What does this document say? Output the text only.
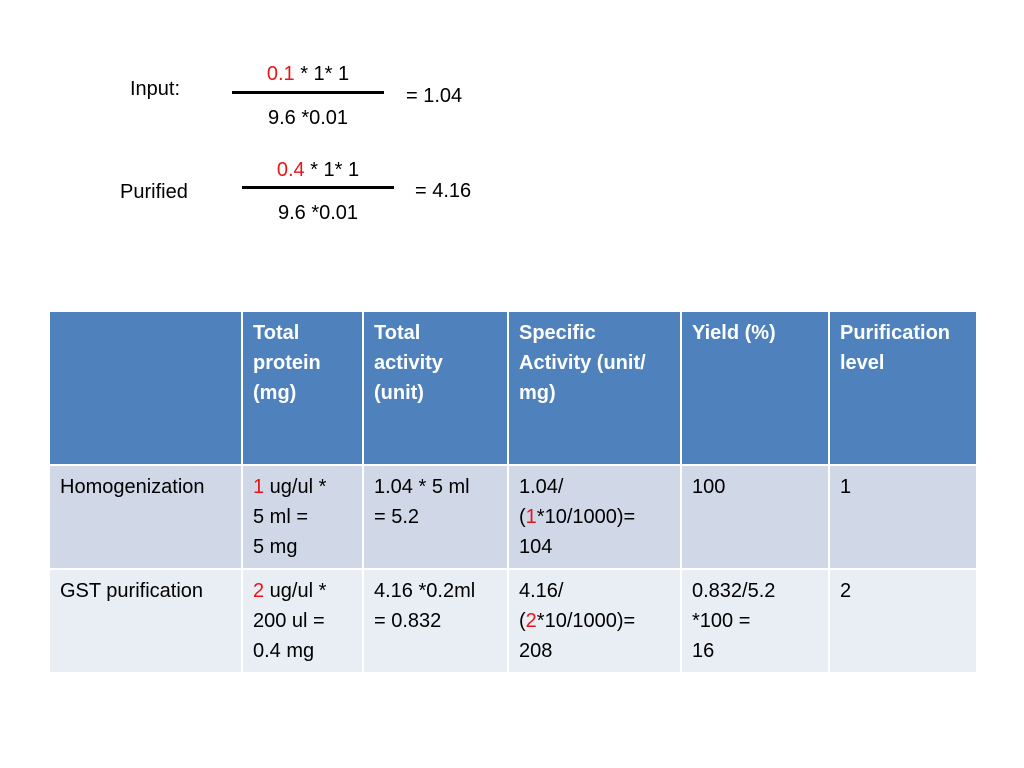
Input:
0.1 * 1* 1
9.6 *0.01
= 1.04
Purified
0.4 * 1* 1
9.6 *0.01
= 4.16
	Total
protein
(mg)	Total
activity
(unit)	Specific
Activity (unit/
mg)	Yield (%)	Purification
level
Homogenization	1 ug/ul *
5 ml =
5 mg	1.04 * 5 ml
= 5.2	1.04/
(1*10/1000)=
104	100	1
GST purification	2 ug/ul *
200 ul =
0.4 mg	4.16 *0.2ml
= 0.832	4.16/
(2*10/1000)=
208	0.832/5.2
*100 =
16	2
